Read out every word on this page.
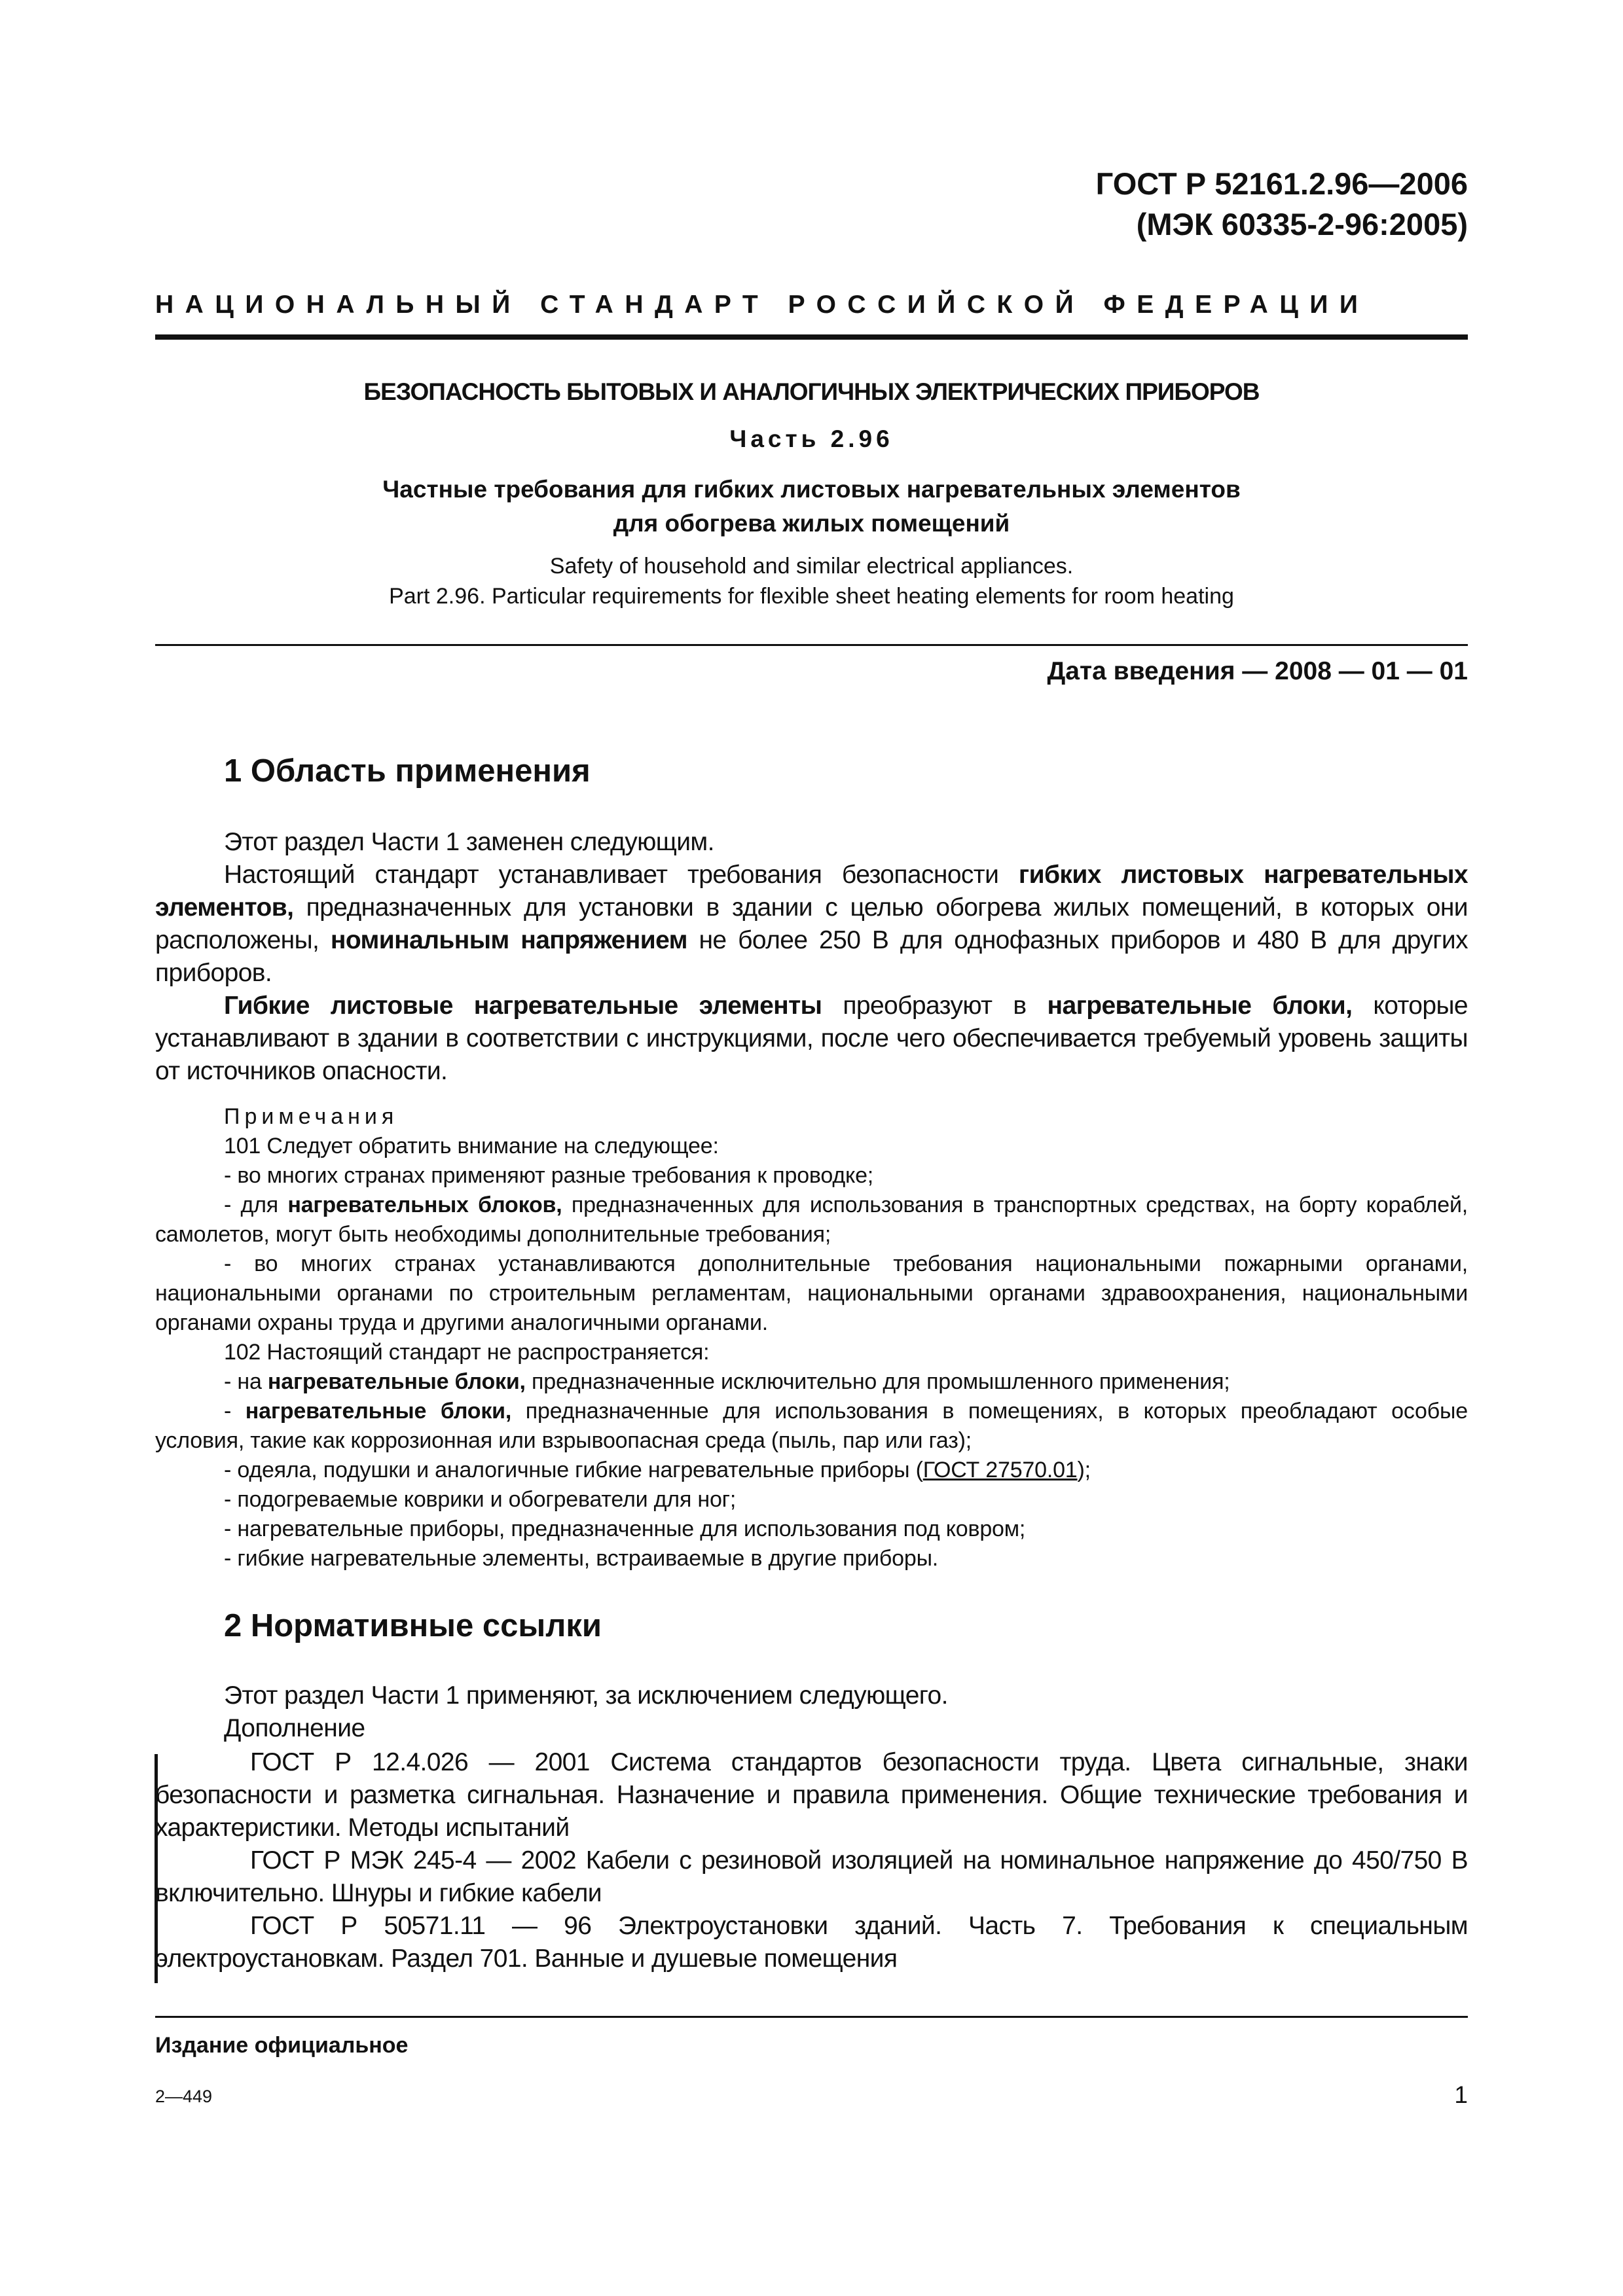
ГОСТ Р 52161.2.96—2006
(МЭК 60335-2-96:2005)
НАЦИОНАЛЬНЫЙ СТАНДАРТ РОССИЙСКОЙ ФЕДЕРАЦИИ
БЕЗОПАСНОСТЬ БЫТОВЫХ И АНАЛОГИЧНЫХ ЭЛЕКТРИЧЕСКИХ ПРИБОРОВ
Часть 2.96
Частные требования для гибких листовых нагревательных элементов
для обогрева жилых помещений
Safety of household and similar electrical appliances.
Part 2.96. Particular requirements for flexible sheet heating elements for room heating
Дата введения — 2008 — 01 — 01
1 Область применения
Этот раздел Части 1 заменен следующим.
Настоящий стандарт устанавливает требования безопасности гибких листовых нагревательных элементов, предназначенных для установки в здании с целью обогрева жилых помещений, в которых они расположены, номинальным напряжением не более 250 В для однофазных приборов и 480 В для других приборов.
Гибкие листовые нагревательные элементы преобразуют в нагревательные блоки, которые устанавливают в здании в соответствии с инструкциями, после чего обеспечивается требуемый уровень защиты от источников опасности.
Примечания
101 Следует обратить внимание на следующее:
- во многих странах применяют разные требования к проводке;
- для нагревательных блоков, предназначенных для использования в транспортных средствах, на борту кораблей, самолетов, могут быть необходимы дополнительные требования;
- во многих странах устанавливаются дополнительные требования национальными пожарными органами, национальными органами по строительным регламентам, национальными органами здравоохранения, национальными органами охраны труда и другими аналогичными органами.
102 Настоящий стандарт не распространяется:
- на нагревательные блоки, предназначенные исключительно для промышленного применения;
- нагревательные блоки, предназначенные для использования в помещениях, в которых преобладают особые условия, такие как коррозионная или взрывоопасная среда (пыль, пар или газ);
- одеяла, подушки и аналогичные гибкие нагревательные приборы (ГОСТ 27570.01);
- подогреваемые коврики и обогреватели для ног;
- нагревательные приборы, предназначенные для использования под ковром;
- гибкие нагревательные элементы, встраиваемые в другие приборы.
2 Нормативные ссылки
Этот раздел Части 1 применяют, за исключением следующего.
Дополнение
ГОСТ Р 12.4.026 — 2001 Система стандартов безопасности труда. Цвета сигнальные, знаки безопасности и разметка сигнальная. Назначение и правила применения. Общие технические требования и характеристики. Методы испытаний
ГОСТ Р МЭК 245-4 — 2002 Кабели с резиновой изоляцией на номинальное напряжение до 450/750 В включительно. Шнуры и гибкие кабели
ГОСТ Р 50571.11 — 96 Электроустановки зданий. Часть 7. Требования к специальным электроустановкам. Раздел 701. Ванные и душевые помещения
Издание официальное
2—449	1
